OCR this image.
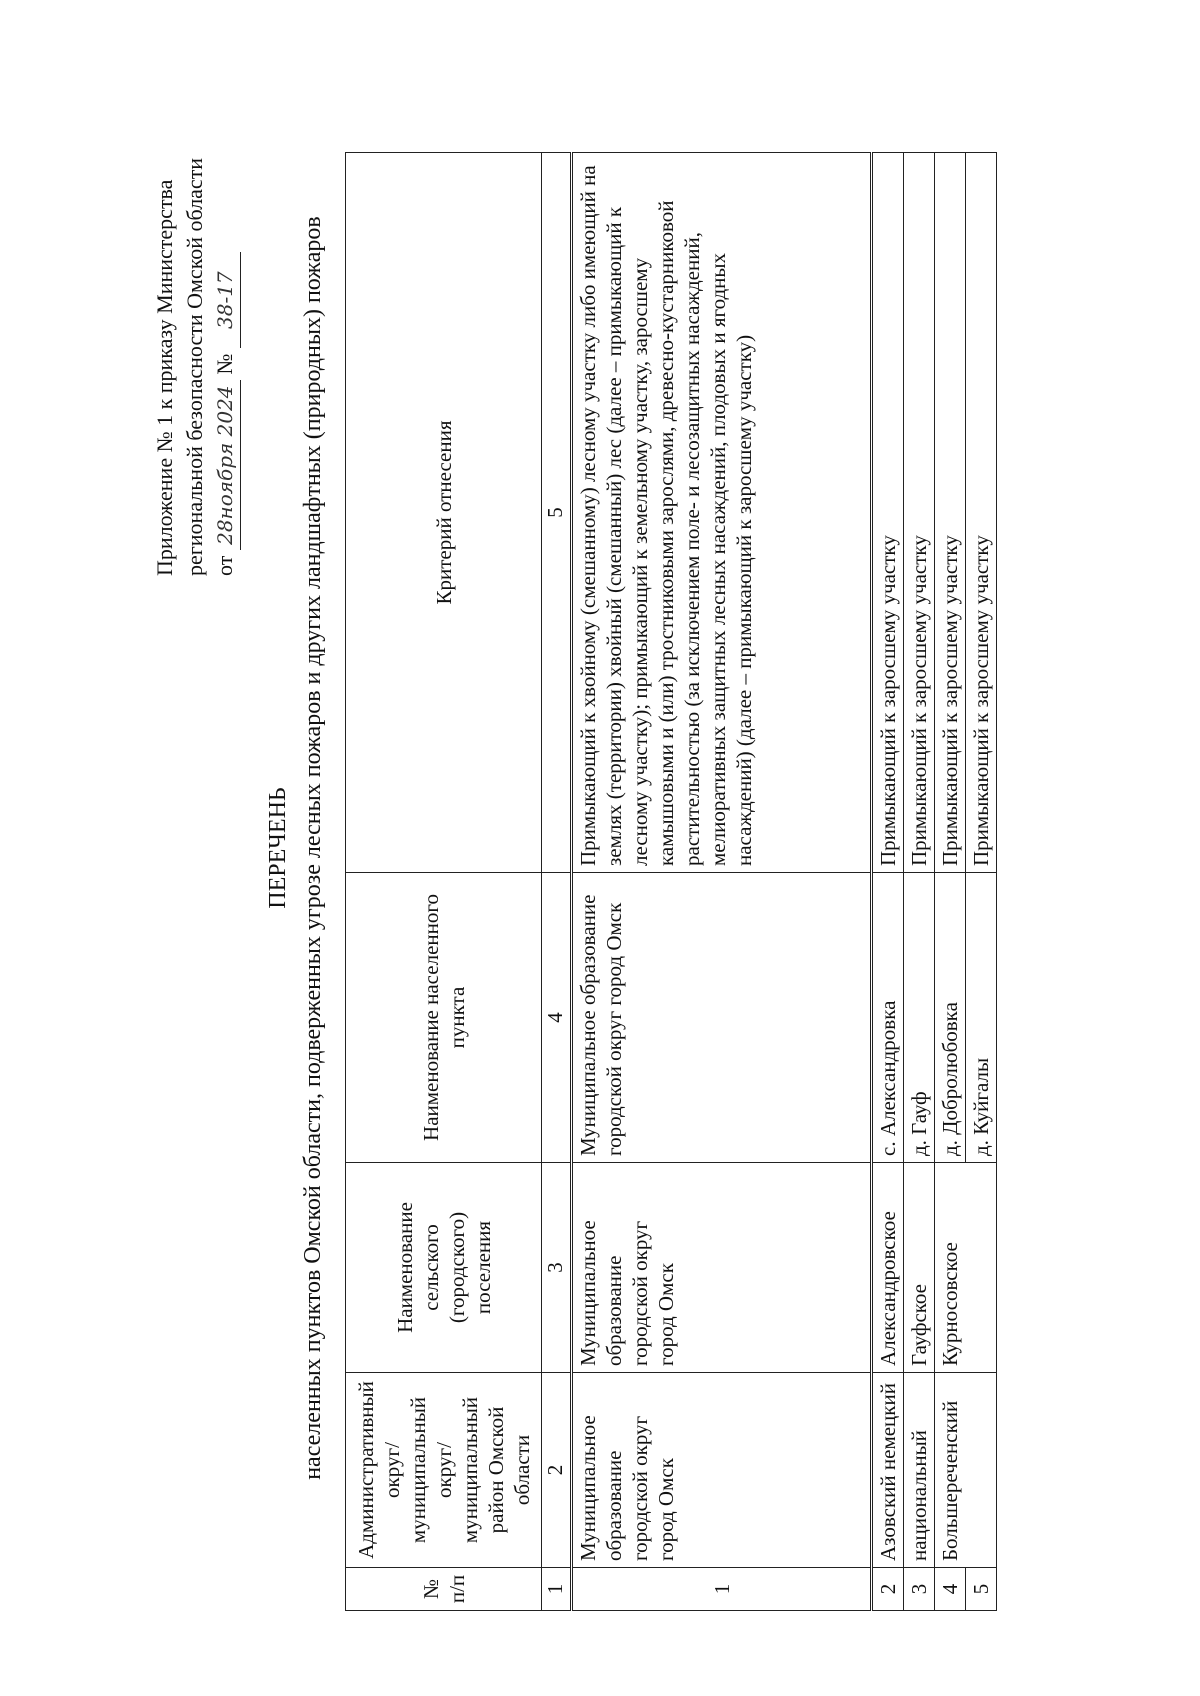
Приложение № 1 к приказу Министерства региональной безопасности Омской области от 28ноября 2024 № 38-17
ПЕРЕЧЕНЬ населенных пунктов Омской области, подверженных угрозе лесных пожаров и других ландшафтных (природных) пожаров
№ п/п	Административный округ/ муниципальный округ/ муниципальный район Омской области	Наименование сельского (городского) поселения	Наименование населенного пункта	Критерий отнесения
1	2	3	4	5
1	Муниципальное образование городской округ город Омск	Муниципальное образование городской округ город Омск	Муниципальное образование городской округ город Омск	Примыкающий к хвойному (смешанному) лесному участку либо имеющий на землях (территории) хвойный (смешанный) лес (далее – примыкающий к лесному участку); примыкающий к земельному участку, заросшему камышовыми и (или) тростниковыми зарослями, древесно-кустарниковой растительностью (за исключением поле- и лесозащитных насаждений, мелиоративных защитных лесных насаждений, плодовых и ягодных насаждений) (далее – примыкающий к заросшему участку)
2	Азовский немецкий	Александровское	с. Александровка	Примыкающий к заросшему участку
3	национальный	Гауфское	д. Гауф	Примыкающий к заросшему участку
4	Большереченский	Курносовское	д. Добролюбовка	Примыкающий к заросшему участку
5			д. Куйгалы	Примыкающий к заросшему участку
